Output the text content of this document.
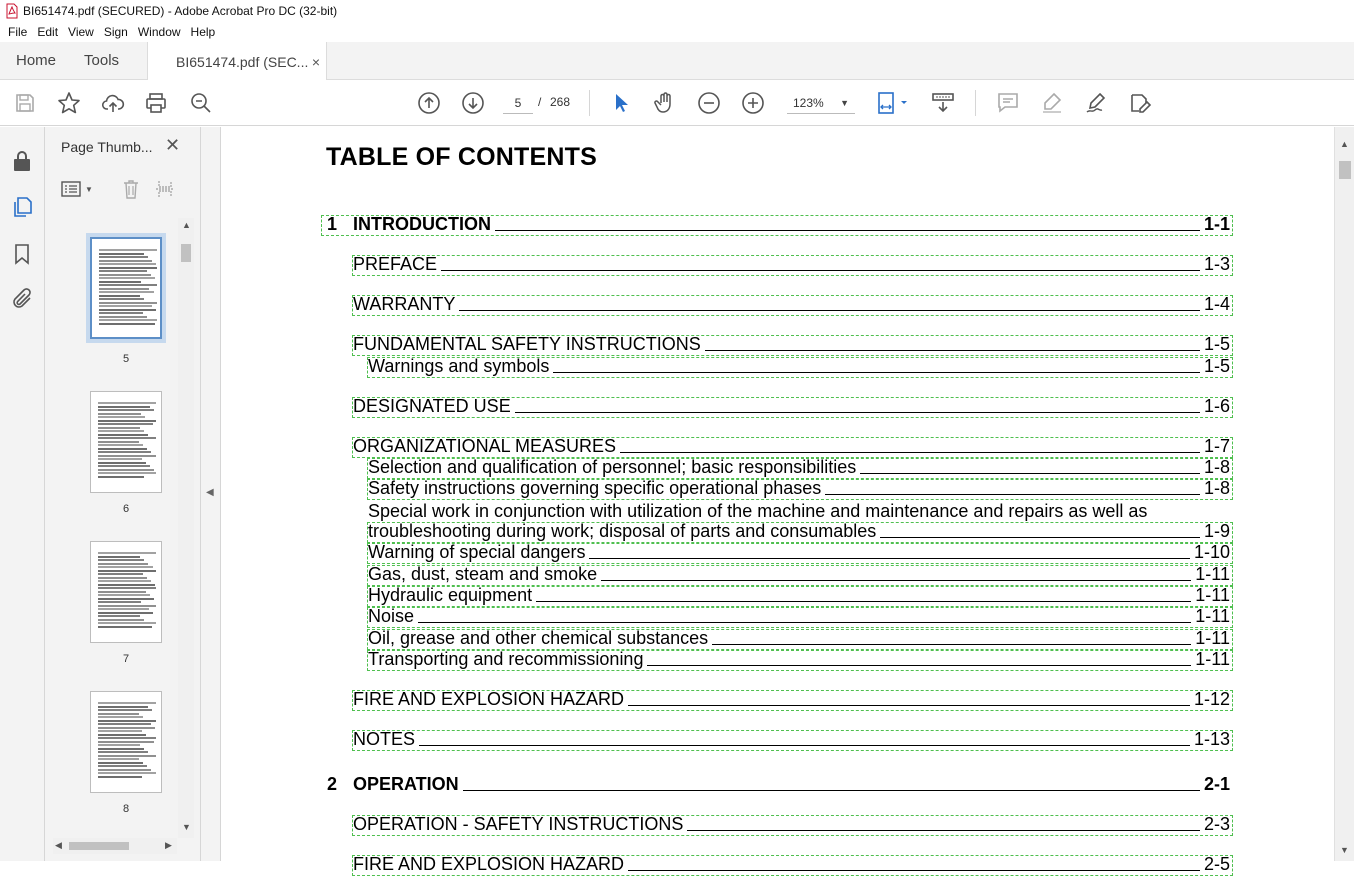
BI651474.pdf (SECURED) - Adobe Acrobat Pro DC (32-bit)
File Edit View Sign Window Help
Home	Tools	BI651474.pdf (SEC... ×
5
/ 268	123% ▼
Page Thumb... ✕
▼
5
6
7
8
▲
▼
◀	▶
◀
TABLE OF CONTENTS
1 INTRODUCTION	1-1
PREFACE	1-3
WARRANTY	1-4
FUNDAMENTAL SAFETY INSTRUCTIONS	1-5
Warnings and symbols	1-5
DESIGNATED USE	1-6
ORGANIZATIONAL MEASURES	1-7
Selection and qualification of personnel; basic responsibilities	1-8
Safety instructions governing specific operational phases	1-8
Special work in conjunction with utilization of the machine and maintenance and repairs as well as
troubleshooting during work; disposal of parts and consumables	1-9
Warning of special dangers	1-10
Gas, dust, steam and smoke	1-11
Hydraulic equipment	1-11
Noise	1-11
Oil, grease and other chemical substances	1-11
Transporting and recommissioning	1-11
FIRE AND EXPLOSION HAZARD	1-12
NOTES	1-13
2 OPERATION	2-1
OPERATION - SAFETY INSTRUCTIONS	2-3
FIRE AND EXPLOSION HAZARD	2-5
▲
▼
